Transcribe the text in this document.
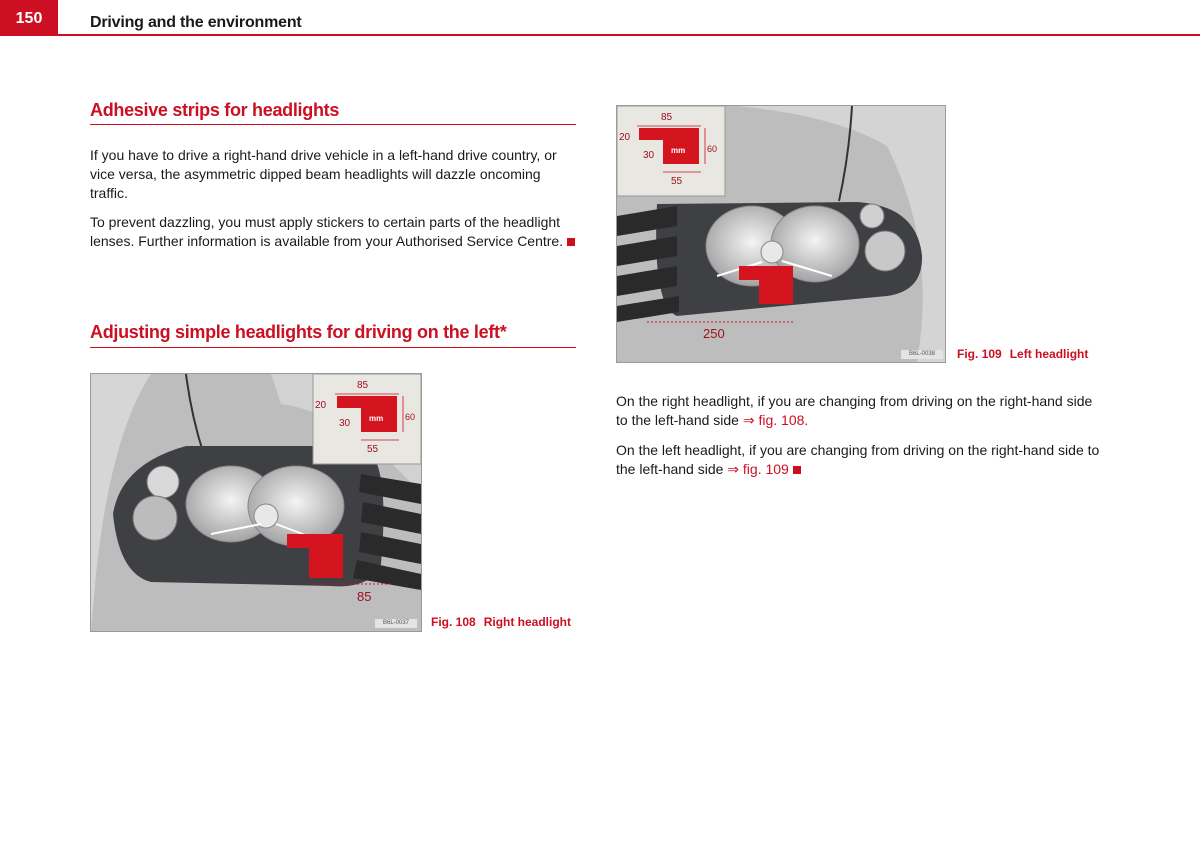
150	Driving and the environment
Adhesive strips for headlights

If you have to drive a right-hand drive vehicle in a left-hand drive country, or vice versa, the asymmetric dipped beam headlights will dazzle oncoming traffic.

To prevent dazzling, you must apply stickers to certain parts of the headlight lenses. Further information is available from your Authorised Service Centre.

Adjusting simple headlights for driving on the left*
85
20
30
60
55
mm
85
B6L-0037	Fig. 108 Right headlight
85
20
30
60
55
mm
250
B6L-0038	Fig. 109 Left headlight

On the right headlight, if you are changing from driving on the right-hand side to the left-hand side ⇒ fig. 108.

On the left headlight, if you are changing from driving on the right-hand side to the left-hand side ⇒ fig. 109
